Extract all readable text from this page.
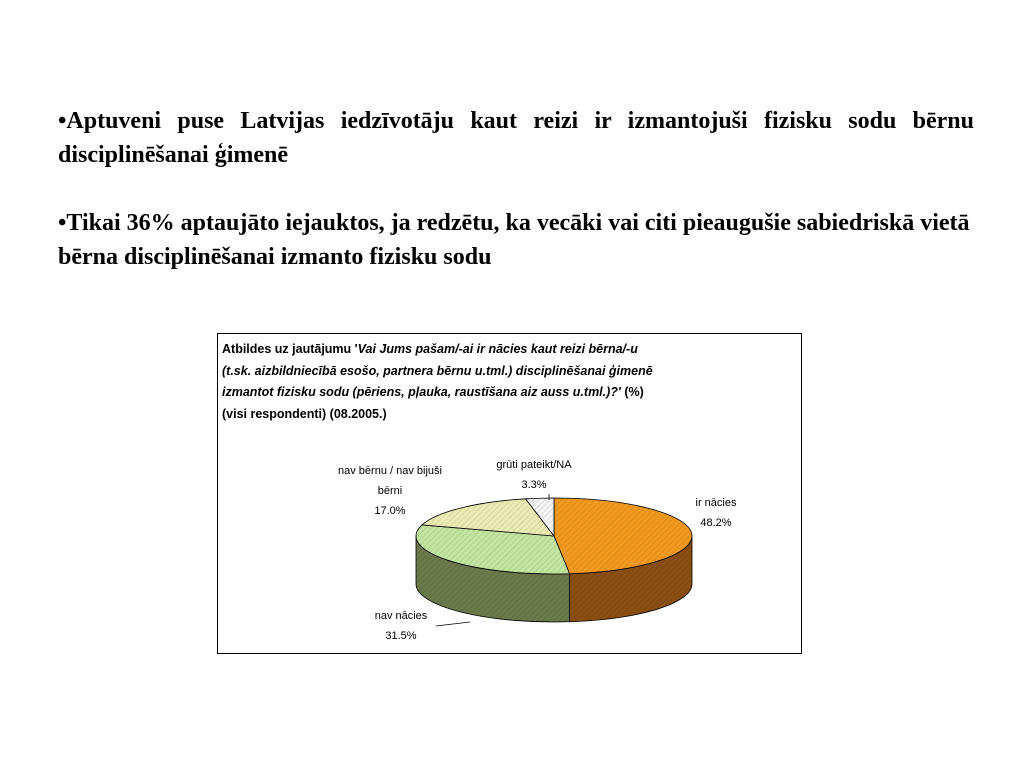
•Aptuveni puse Latvijas iedzīvotāju kaut reizi ir izmantojuši fizisku sodu bērnu disciplinēšanai ģimenē
•Tikai 36% aptaujāto iejauktos, ja redzētu, ka vecāki vai citi pieaugušie sabiedriskā vietā bērna disciplinēšanai izmanto fizisku sodu
Atbildes uz jautājumu 'Vai Jums pašam/-ai ir nācies kaut reizi bērna/-u
(t.sk. aizbildniecībā esošo, partnera bērnu u.tml.) disciplinēšanai ģimenē
izmantot fizisku sodu (pēriens, pļauka, raustīšana aiz auss u.tml.)?' (%)
(visi respondenti) (08.2005.)
ir nācies
48.2%
nav nācies
31.5%
nav bērnu / nav bijuši
bērni
17.0%
grūti pateikt/NA
3.3%
